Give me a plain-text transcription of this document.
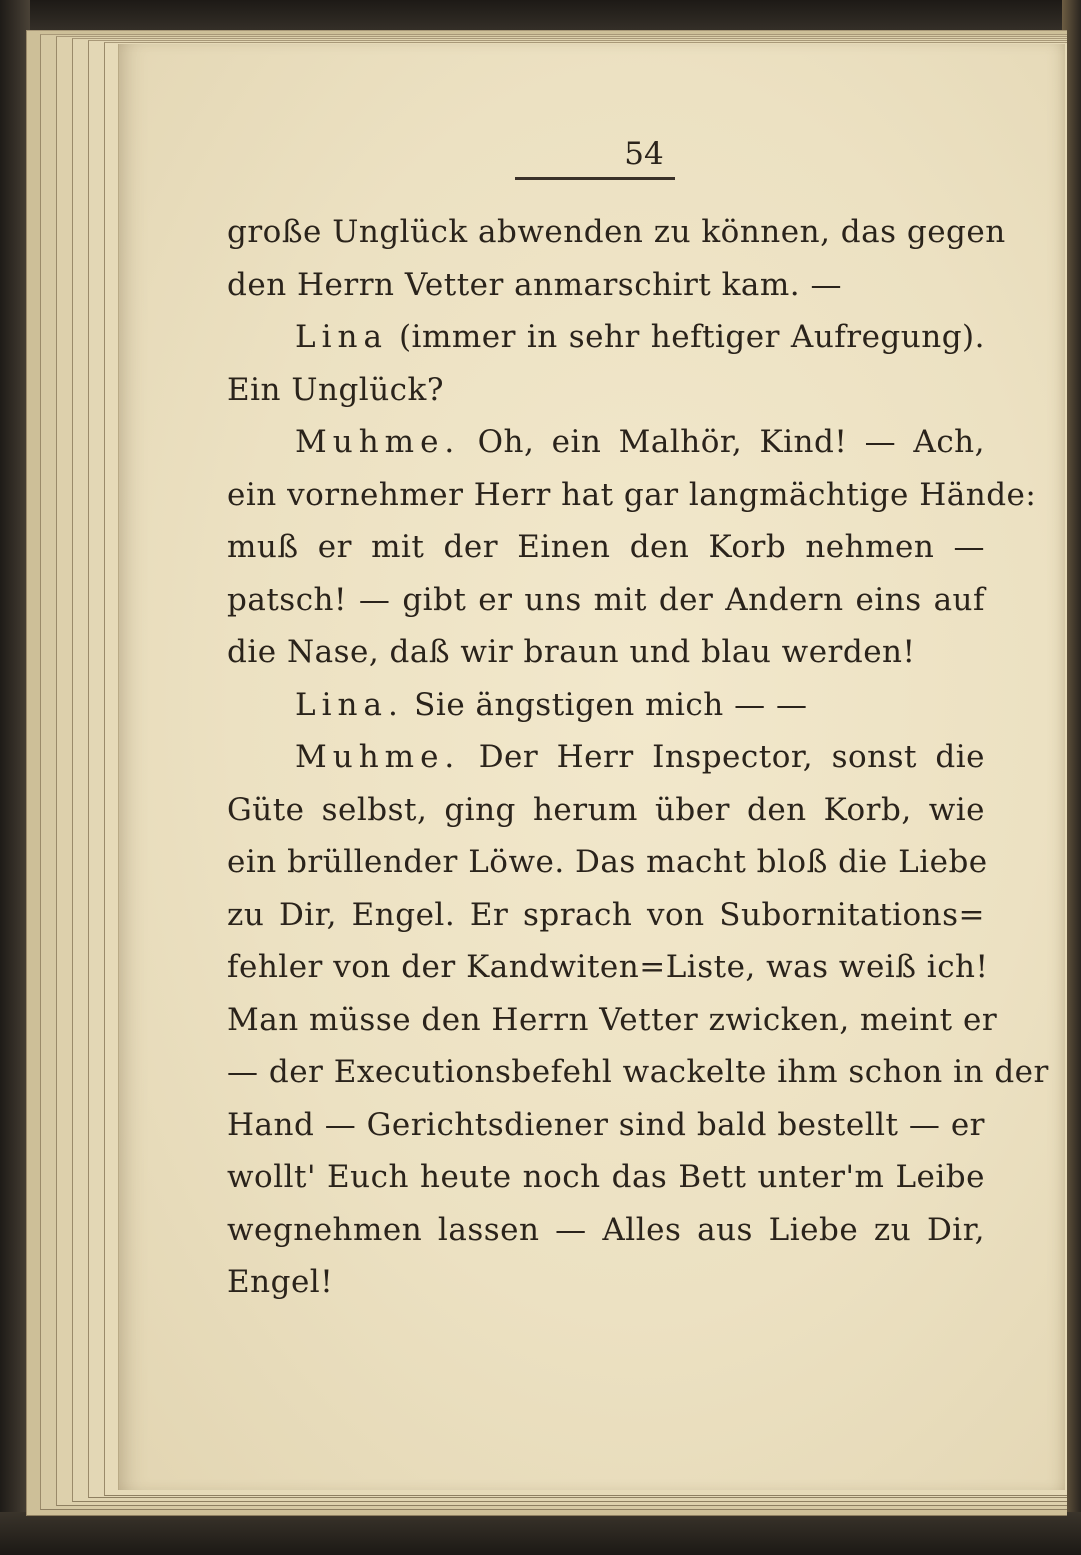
54
große Unglück abwenden zu können, das gegen
den Herrn Vetter anmarschirt kam. —
Lina (immer in sehr heftiger Aufregung).
Ein Unglück?
Muhme. Oh, ein Malhör, Kind! — Ach,
ein vornehmer Herr hat gar langmächtige Hände:
muß er mit der Einen den Korb nehmen —
patsch! — gibt er uns mit der Andern eins auf
die Nase, daß wir braun und blau werden!
Lina. Sie ängstigen mich — —
Muhme. Der Herr Inspector, sonst die
Güte selbst, ging herum über den Korb, wie
ein brüllender Löwe. Das macht bloß die Liebe
zu Dir, Engel. Er sprach von Subornitations=
fehler von der Kandwiten=Liste, was weiß ich!
Man müsse den Herrn Vetter zwicken, meint er
— der Executionsbefehl wackelte ihm schon in der
Hand — Gerichtsdiener sind bald bestellt — er
wollt' Euch heute noch das Bett unter'm Leibe
wegnehmen lassen — Alles aus Liebe zu Dir,
Engel!
